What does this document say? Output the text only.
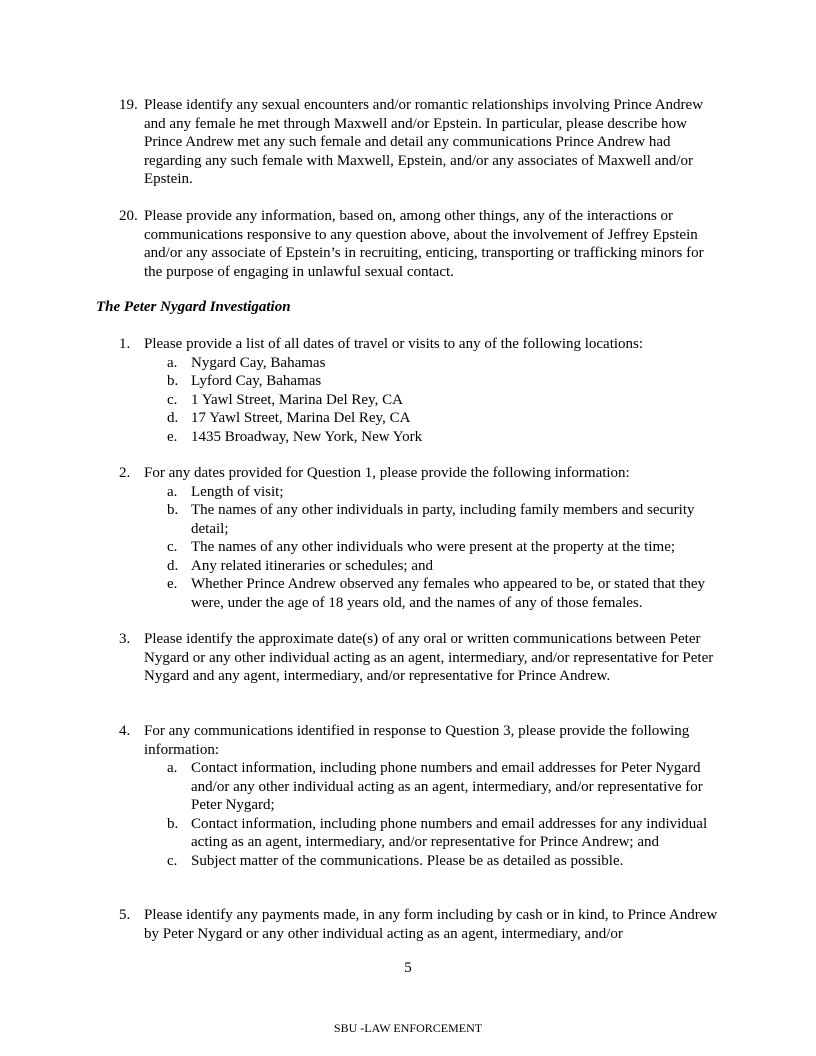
19. Please identify any sexual encounters and/or romantic relationships involving Prince Andrew and any female he met through Maxwell and/or Epstein. In particular, please describe how Prince Andrew met any such female and detail any communications Prince Andrew had regarding any such female with Maxwell, Epstein, and/or any associates of Maxwell and/or Epstein.
20. Please provide any information, based on, among other things, any of the interactions or communications responsive to any question above, about the involvement of Jeffrey Epstein and/or any associate of Epstein’s in recruiting, enticing, transporting or trafficking minors for the purpose of engaging in unlawful sexual contact.
The Peter Nygard Investigation
1. Please provide a list of all dates of travel or visits to any of the following locations:
a. Nygard Cay, Bahamas
b. Lyford Cay, Bahamas
c. 1 Yawl Street, Marina Del Rey, CA
d. 17 Yawl Street, Marina Del Rey, CA
e. 1435 Broadway, New York, New York
2. For any dates provided for Question 1, please provide the following information:
a. Length of visit;
b. The names of any other individuals in party, including family members and security detail;
c. The names of any other individuals who were present at the property at the time;
d. Any related itineraries or schedules; and
e. Whether Prince Andrew observed any females who appeared to be, or stated that they were, under the age of 18 years old, and the names of any of those females.
3. Please identify the approximate date(s) of any oral or written communications between Peter Nygard or any other individual acting as an agent, intermediary, and/or representative for Peter Nygard and any agent, intermediary, and/or representative for Prince Andrew.
4. For any communications identified in response to Question 3, please provide the following information:
a. Contact information, including phone numbers and email addresses for Peter Nygard and/or any other individual acting as an agent, intermediary, and/or representative for Peter Nygard;
b. Contact information, including phone numbers and email addresses for any individual acting as an agent, intermediary, and/or representative for Prince Andrew; and
c. Subject matter of the communications. Please be as detailed as possible.
5. Please identify any payments made, in any form including by cash or in kind, to Prince Andrew by Peter Nygard or any other individual acting as an agent, intermediary, and/or
5
SBU -LAW ENFORCEMENT
